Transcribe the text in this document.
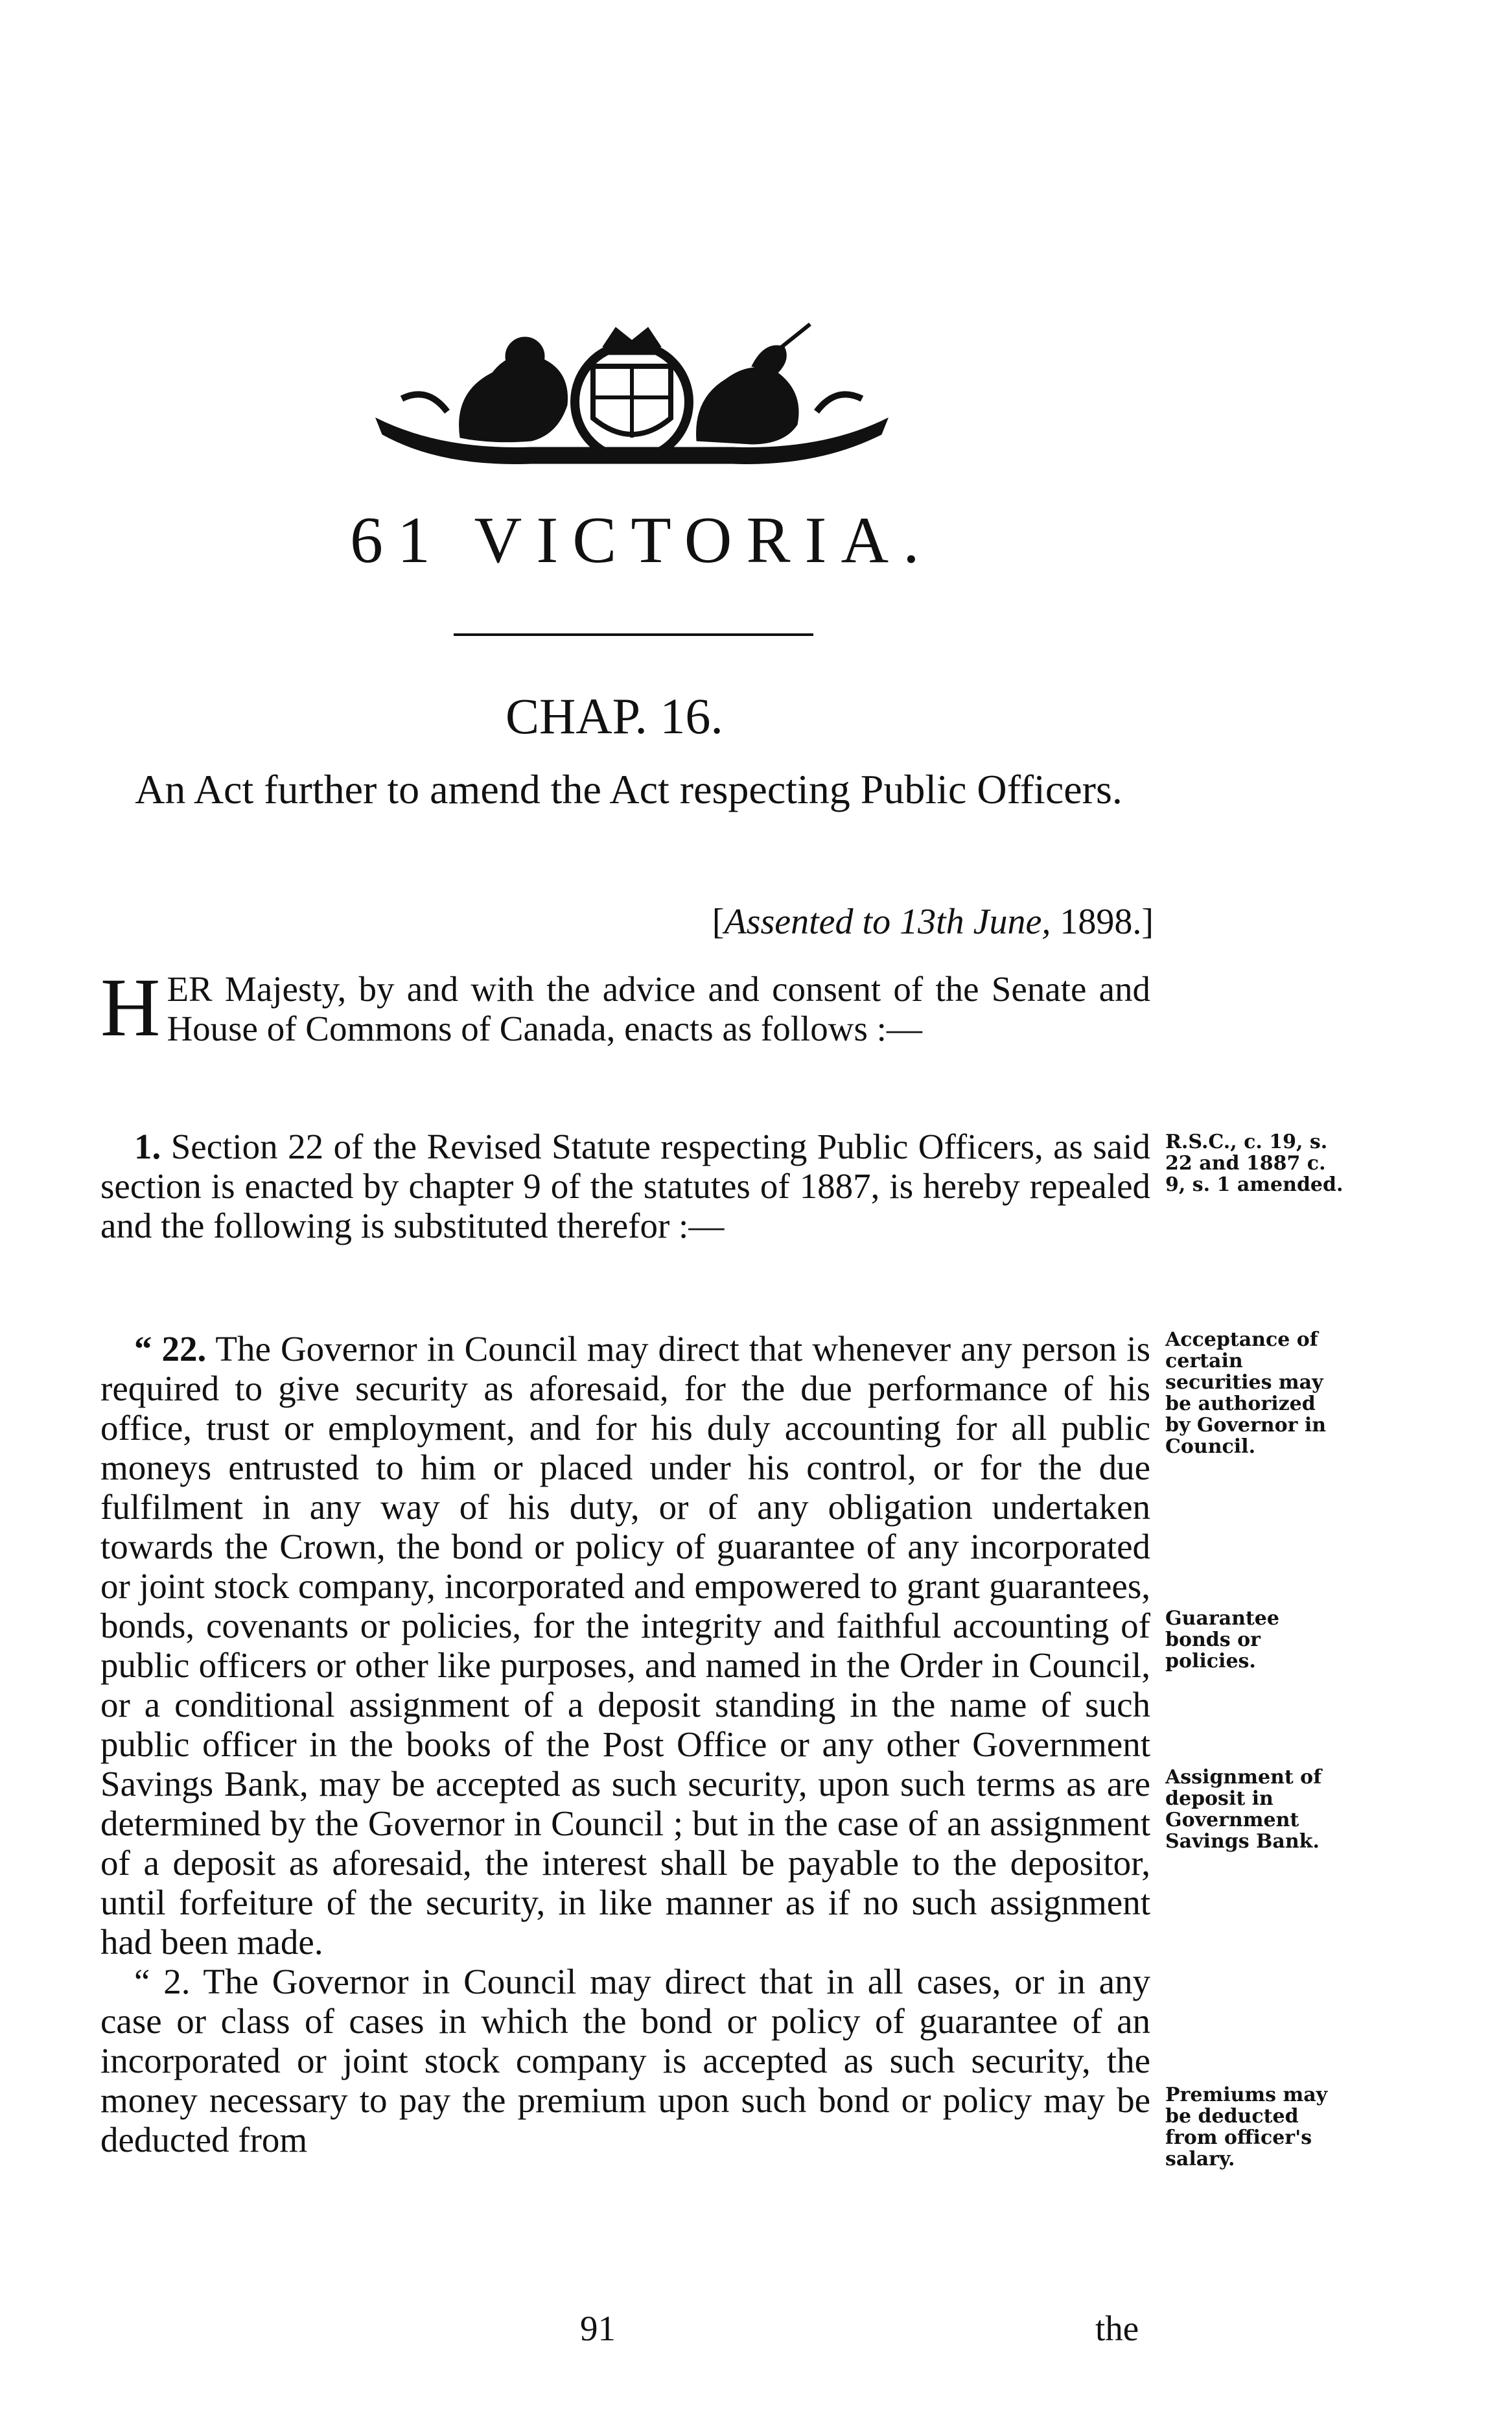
61 VICTORIA.
CHAP. 16.
An Act further to amend the Act respecting Public Officers.
[Assented to 13th June, 1898.]

HER Majesty, by and with the advice and consent of the Senate and House of Commons of Canada, enacts as follows :—

1. Section 22 of the Revised Statute respecting Public Officers, as said section is enacted by chapter 9 of the statutes of 1887, is hereby repealed and the following is substituted therefor :—

“ 22. The Governor in Council may direct that whenever any person is required to give security as aforesaid, for the due performance of his office, trust or employment, and for his duly accounting for all public moneys entrusted to him or placed under his control, or for the due fulfilment in any way of his duty, or of any obligation undertaken towards the Crown, the bond or policy of guarantee of any incorporated or joint stock company, incorporated and empowered to grant guarantees, bonds, covenants or policies, for the integrity and faithful accounting of public officers or other like purposes, and named in the Order in Council, or a conditional assignment of a deposit standing in the name of such public officer in the books of the Post Office or any other Government Savings Bank, may be accepted as such security, upon such terms as are determined by the Governor in Council ; but in the case of an assignment of a deposit as aforesaid, the interest shall be payable to the depositor, until forfeiture of the security, in like manner as if no such assignment had been made.

“ 2. The Governor in Council may direct that in all cases, or in any case or class of cases in which the bond or policy of guarantee of an incorporated or joint stock company is accepted as such security, the money necessary to pay the premium upon such bond or policy may be deducted from

R.S.C., c. 19, s. 22 and 1887 c. 9, s. 1 amended.
Acceptance of certain securities may be authorized by Governor in Council.
Guarantee bonds or policies.
Assignment of deposit in Government Savings Bank.
Premiums may be deducted from officer's salary.
91	the
